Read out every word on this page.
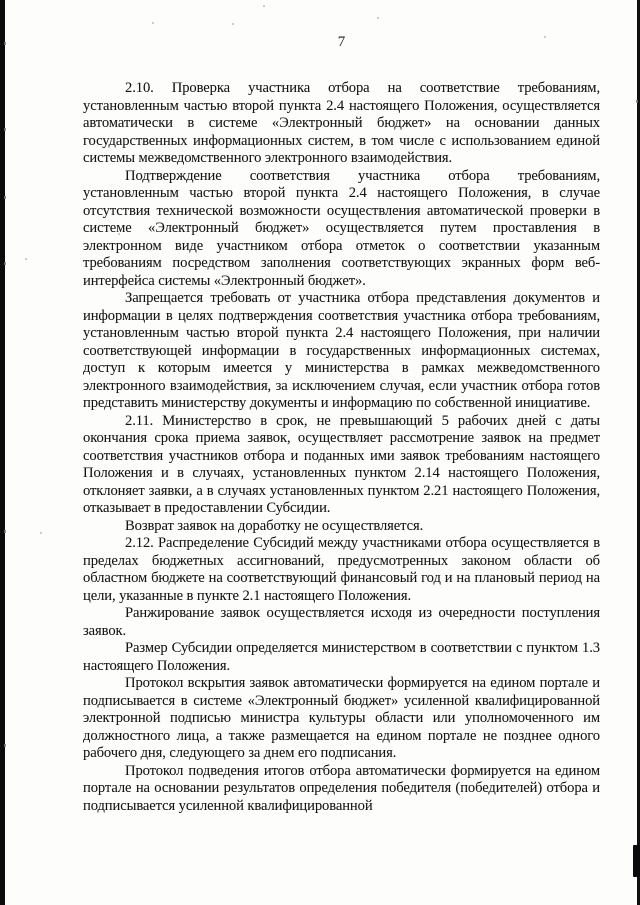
7

2.10. Проверка участника отбора на соответствие требованиям, установленным частью второй пункта 2.4 настоящего Положения, осуществляется автоматически в системе «Электронный бюджет» на основании данных государственных информационных систем, в том числе с использованием единой системы межведомственного электронного взаимодействия.

Подтверждение соответствия участника отбора требованиям, установленным частью второй пункта 2.4 настоящего Положения, в случае отсутствия технической возможности осуществления автоматической проверки в системе «Электронный бюджет» осуществляется путем проставления в электронном виде участником отбора отметок о соответствии указанным требованиям посредством заполнения соответствующих экранных форм веб-интерфейса системы «Электронный бюджет».

Запрещается требовать от участника отбора представления документов и информации в целях подтверждения соответствия участника отбора требованиям, установленным частью второй пункта 2.4 настоящего Положения, при наличии соответствующей информации в государственных информационных системах, доступ к которым имеется у министерства в рамках межведомственного электронного взаимодействия, за исключением случая, если участник отбора готов представить министерству документы и информацию по собственной инициативе.

2.11. Министерство в срок, не превышающий 5 рабочих дней с даты окончания срока приема заявок, осуществляет рассмотрение заявок на предмет соответствия участников отбора и поданных ими заявок требованиям настоящего Положения и в случаях, установленных пунктом 2.14 настоящего Положения, отклоняет заявки, а в случаях установленных пунктом 2.21 настоящего Положения, отказывает в предоставлении Субсидии.

Возврат заявок на доработку не осуществляется.

2.12. Распределение Субсидий между участниками отбора осуществляется в пределах бюджетных ассигнований, предусмотренных законом области об областном бюджете на соответствующий финансовый год и на плановый период на цели, указанные в пункте 2.1 настоящего Положения.

Ранжирование заявок осуществляется исходя из очередности поступления заявок.

Размер Субсидии определяется министерством в соответствии с пунктом 1.3 настоящего Положения.

Протокол вскрытия заявок автоматически формируется на едином портале и подписывается в системе «Электронный бюджет» усиленной квалифицированной электронной подписью министра культуры области или уполномоченного им должностного лица, а также размещается на едином портале не позднее одного рабочего дня, следующего за днем его подписания.

Протокол подведения итогов отбора автоматически формируется на едином портале на основании результатов определения победителя (победителей) отбора и подписывается усиленной квалифицированной
